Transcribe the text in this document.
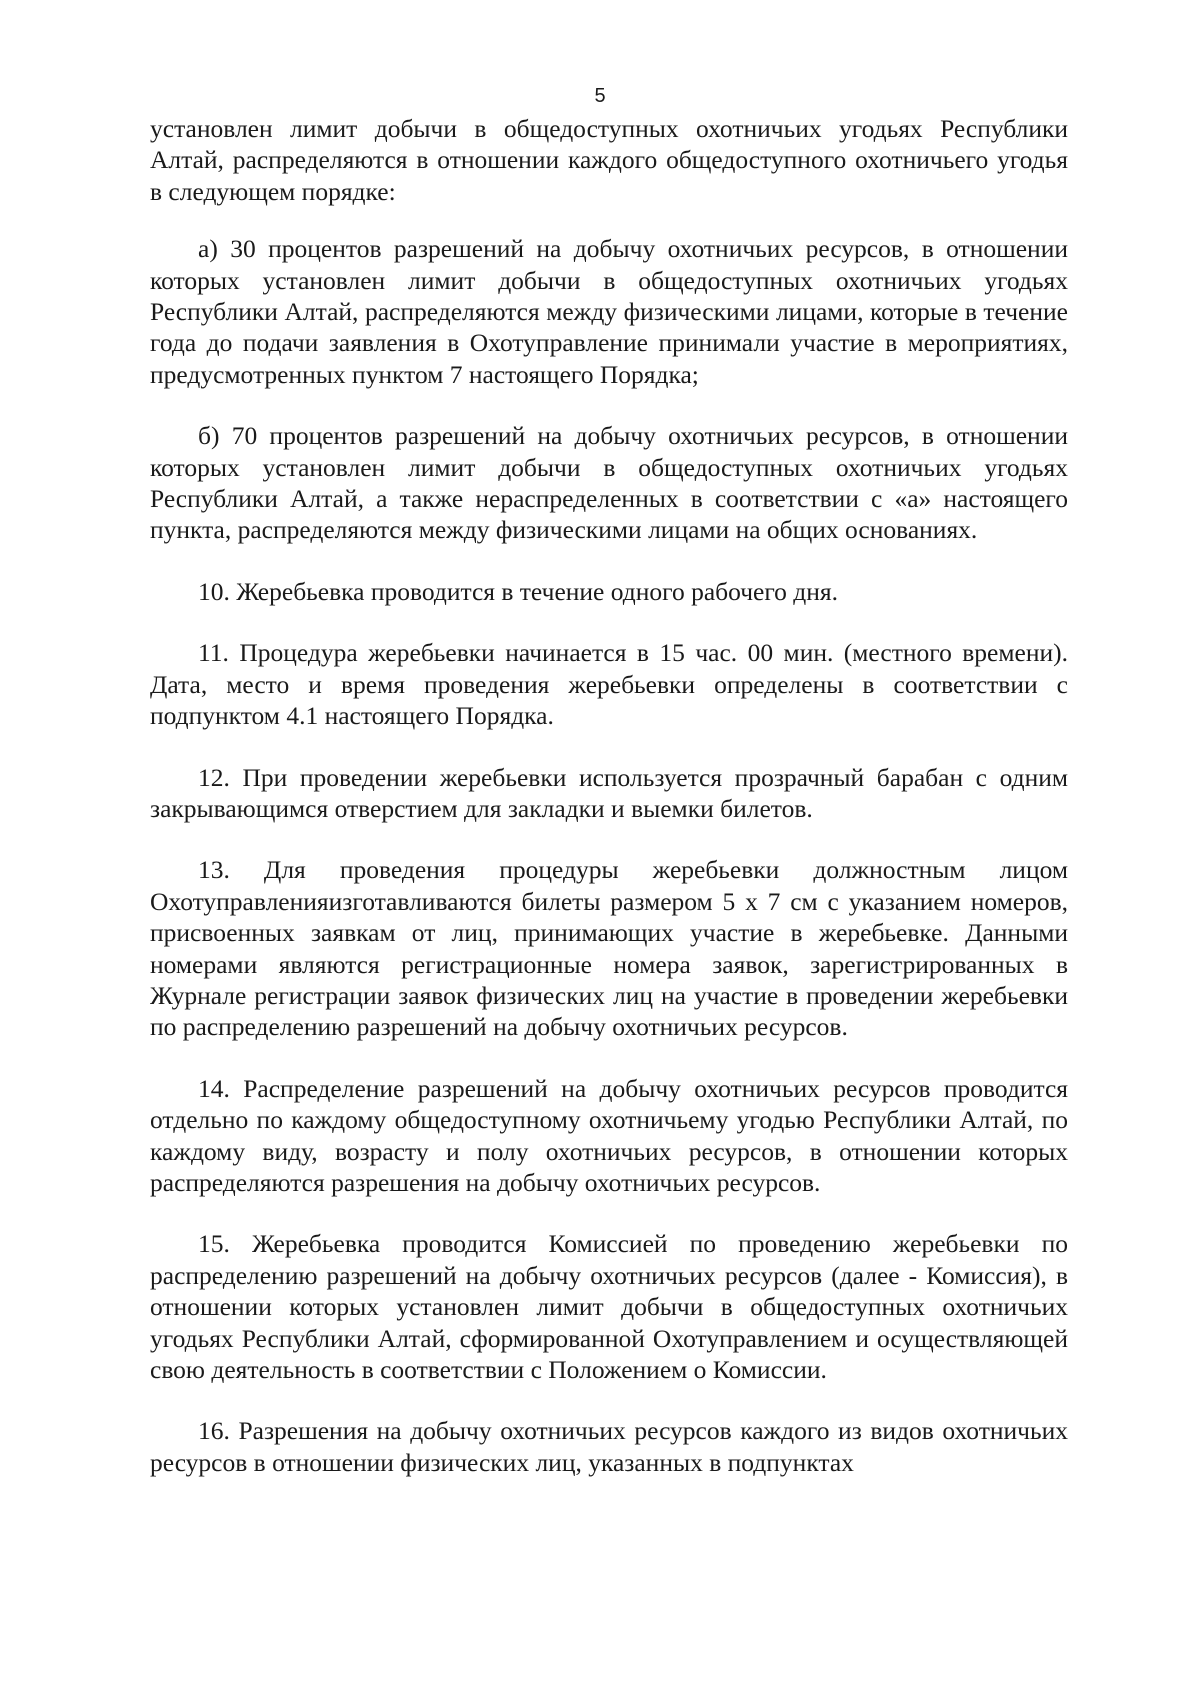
5

установлен лимит добычи в общедоступных охотничьих угодьях Республики Алтай, распределяются в отношении каждого общедоступного охотничьего угодья в следующем порядке:

а) 30 процентов разрешений на добычу охотничьих ресурсов, в отношении которых установлен лимит добычи в общедоступных охотничьих угодьях Республики Алтай, распределяются между физическими лицами, которые в течение года до подачи заявления в Охотуправление принимали участие в мероприятиях, предусмотренных пунктом 7 настоящего Порядка;

б) 70 процентов разрешений на добычу охотничьих ресурсов, в отношении которых установлен лимит добычи в общедоступных охотничьих угодьях Республики Алтай, а также нераспределенных в соответствии с «а» настоящего пункта, распределяются между физическими лицами на общих основаниях.

10. Жеребьевка проводится в течение одного рабочего дня.

11. Процедура жеребьевки начинается в 15 час. 00 мин. (местного времени). Дата, место и время проведения жеребьевки определены в соответствии с подпунктом 4.1 настоящего Порядка.

12. При проведении жеребьевки используется прозрачный барабан с одним закрывающимся отверстием для закладки и выемки билетов.

13. Для проведения процедуры жеребьевки должностным лицом Охотуправленияизготавливаются билеты размером 5 х 7 см с указанием номеров, присвоенных заявкам от лиц, принимающих участие в жеребьевке. Данными номерами являются регистрационные номера заявок, зарегистрированных в Журнале регистрации заявок физических лиц на участие в проведении жеребьевки по распределению разрешений на добычу охотничьих ресурсов.

14. Распределение разрешений на добычу охотничьих ресурсов проводится отдельно по каждому общедоступному охотничьему угодью Республики Алтай, по каждому виду, возрасту и полу охотничьих ресурсов, в отношении которых распределяются разрешения на добычу охотничьих ресурсов.

15. Жеребьевка проводится Комиссией по проведению жеребьевки по распределению разрешений на добычу охотничьих ресурсов (далее - Комиссия), в отношении которых установлен лимит добычи в общедоступных охотничьих угодьях Республики Алтай, сформированной Охотуправлением и осуществляющей свою деятельность в соответствии с Положением о Комиссии.

16. Разрешения на добычу охотничьих ресурсов каждого из видов охотничьих ресурсов в отношении физических лиц, указанных в подпунктах
